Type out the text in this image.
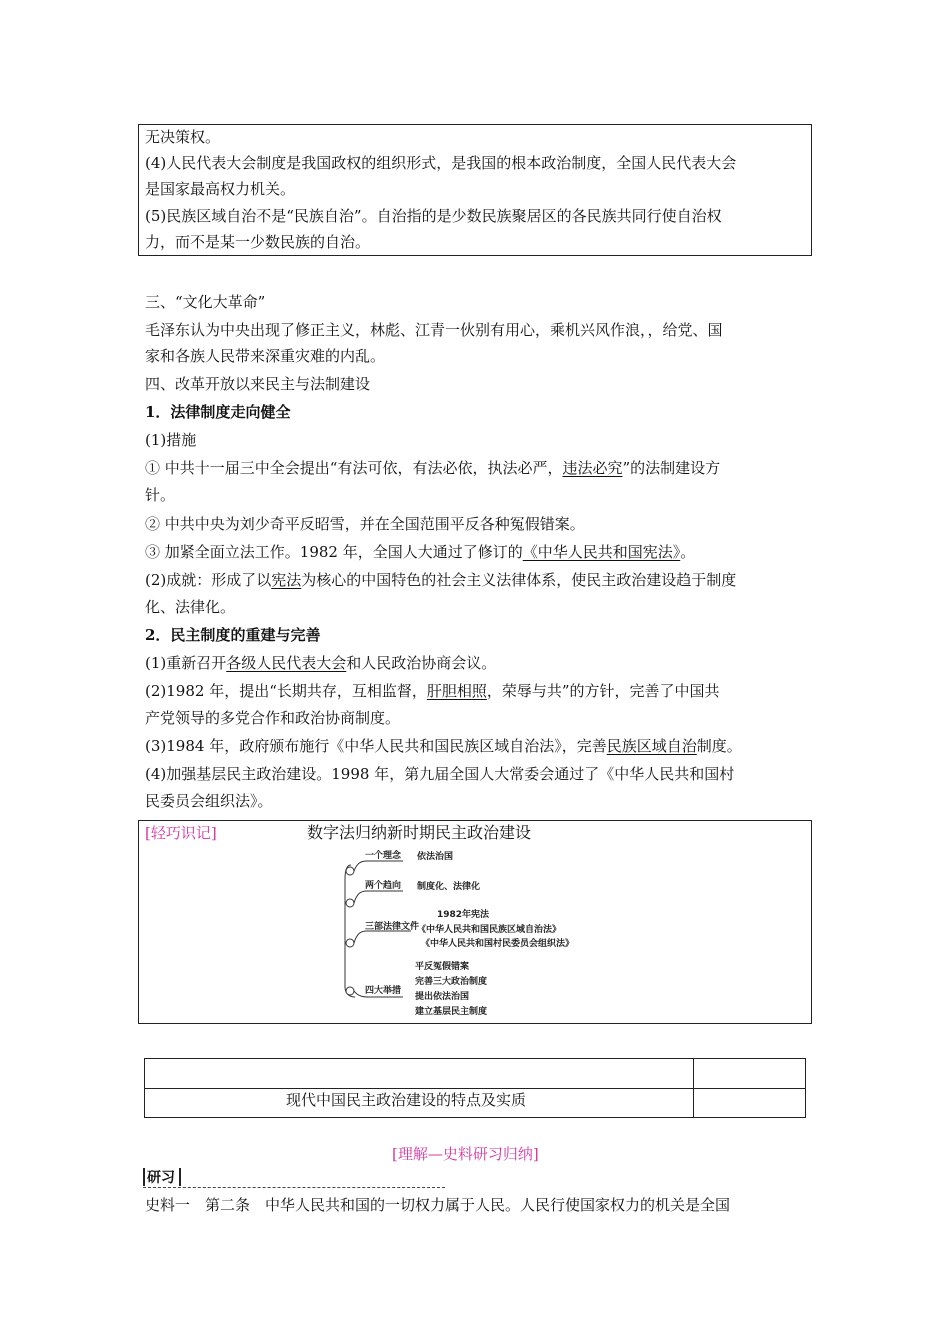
无决策权。
(4)人民代表大会制度是我国政权的组织形式，是我国的根本政治制度，全国人民代表大会
是国家最高权力机关。
(5)民族区域自治不是“民族自治”。自治指的是少数民族聚居区的各民族共同行使自治权
力，而不是某一少数民族的自治。
三、“文化大革命”
毛泽东认为中央出现了修正主义，林彪、江青一伙别有用心，乘机兴风作浪，，给党、国
家和各族人民带来深重灾难的内乱。
四、改革开放以来民主与法制建设
1．法律制度走向健全
(1)措施
① 中共十一届三中全会提出“有法可依，有法必依，执法必严，违法必究”的法制建设方
针。
② 中共中央为刘少奇平反昭雪，并在全国范围平反各种冤假错案。
③ 加紧全面立法工作。1982 年，全国人大通过了修订的《中华人民共和国宪法》。
(2)成就：形成了以宪法为核心的中国特色的社会主义法律体系，使民主政治建设趋于制度
化、法律化。
2．民主制度的重建与完善
(1)重新召开各级人民代表大会和人民政治协商会议。
(2)1982 年，提出“长期共存，互相监督，肝胆相照，荣辱与共”的方针，完善了中国共
产党领导的多党合作和政治协商制度。
(3)1984 年，政府颁布施行《中华人民共和国民族区域自治法》，完善民族区域自治制度。
(4)加强基层民主政治建设。1998 年，第九届全国人大常委会通过了《中华人民共和国村
民委员会组织法》。
[轻巧识记]	数字法归纳新时期民主政治建设
一个理念 依法治国
两个趋向 制度化、法律化
三部法律文件
1982年宪法
《中华人民共和国民族区域自治法》
《中华人民共和国村民委员会组织法》
四大举措
平反冤假错案
完善三大政治制度
提出依法治国
建立基层民主制度
现代中国民主政治建设的特点及实质
[理解—史料研习归纳]
研习
史料一　第二条　中华人民共和国的一切权力属于人民。人民行使国家权力的机关是全国
